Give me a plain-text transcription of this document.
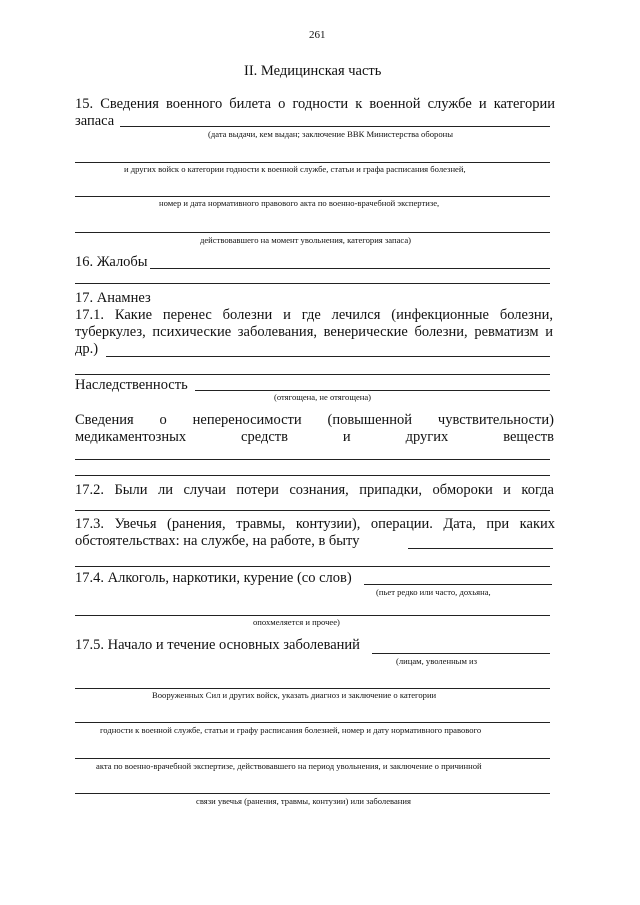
261
II. Медицинская часть
15. Сведения военного билета о годности к военной службе и категории
запаса
(дата выдачи, кем выдан; заключение ВВК Министерства обороны
и других войск о категории годности к военной службе, статьи и графа расписания болезней,
номер и дата нормативного правового акта по военно-врачебной экспертизе,
действовавшего на момент увольнения, категория запаса)
16. Жалобы
17. Анамнез
17.1. Какие перенес болезни и где лечился (инфекционные болезни,
туберкулез, психические заболевания, венерические болезни, ревматизм и
др.)
Наследственность
(отягощена, не отягощена)
Сведения о непереносимости (повышенной чувствительности)
медикаментозных	средств	и	других	веществ
17.2. Были ли случаи потери сознания, припадки, обмороки и когда
17.3. Увечья (ранения, травмы, контузии), операции. Дата, при каких
обстоятельствах: на службе, на работе, в быту
17.4. Алкоголь, наркотики, курение (со слов)
(пьет редко или часто, дохьяна,
опохмеляется и прочее)
17.5. Начало и течение основных заболеваний
(лицам, уволенным из
Вооруженных Сил и других войск, указать диагноз и заключение о категории
годности к военной службе, статьи и графу расписания болезней, номер и дату нормативного правового
акта по военно-врачебной экспертизе, действовавшего на период увольнения, и заключение о причинной
связи увечья (ранения, травмы, контузии) или заболевания
